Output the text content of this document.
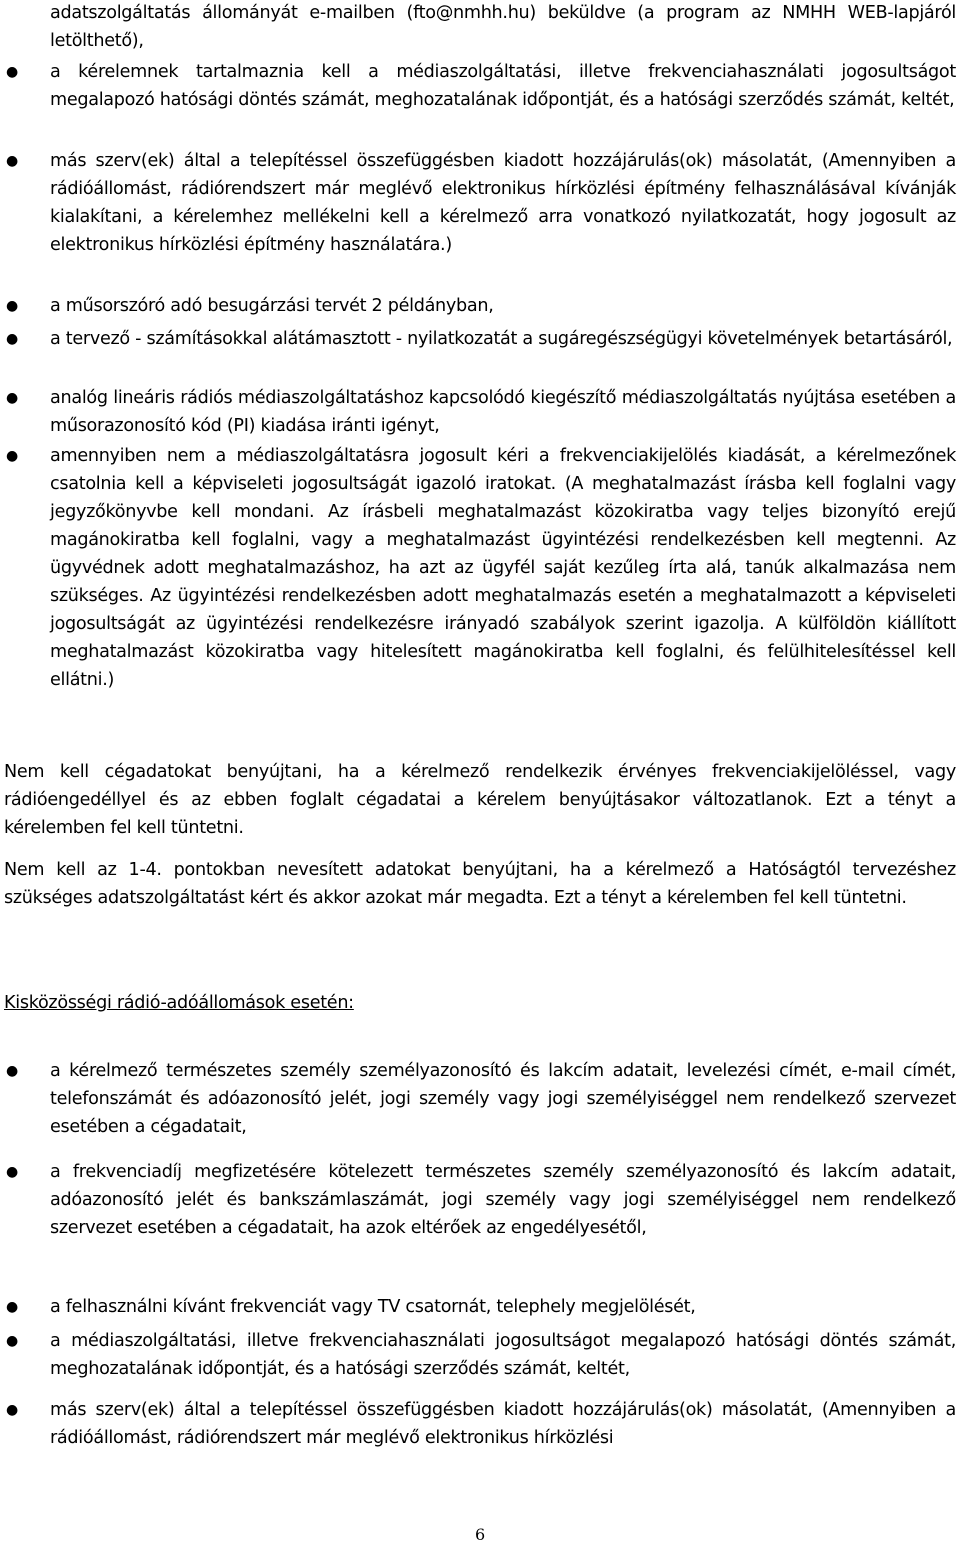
adatszolgáltatás állományát e-mailben (fto@nmhh.hu) beküldve (a program az NMHH WEB-lapjáról letölthető),
●	a kérelemnek tartalmaznia kell a médiaszolgáltatási, illetve frekvenciahasználati jogosultságot megalapozó hatósági döntés számát, meghozatalának időpontját, és a hatósági szerződés számát, keltét,
●	más szerv(ek) által a telepítéssel összefüggésben kiadott hozzájárulás(ok) másolatát, (Amennyiben a rádióállomást, rádiórendszert már meglévő elektronikus hírközlési építmény felhasználásával kívánják kialakítani, a kérelemhez mellékelni kell a kérelmező arra vonatkozó nyilatkozatát, hogy jogosult az elektronikus hírközlési építmény használatára.)
●	a műsorszóró adó besugárzási tervét 2 példányban,
●	a tervező - számításokkal alátámasztott - nyilatkozatát a sugáregészségügyi követelmények betartásáról,
●	analóg lineáris rádiós médiaszolgáltatáshoz kapcsolódó kiegészítő médiaszolgáltatás nyújtása esetében a műsorazonosító kód (PI) kiadása iránti igényt,
●	amennyiben nem a médiaszolgáltatásra jogosult kéri a frekvenciakijelölés kiadását, a kérelmezőnek csatolnia kell a képviseleti jogosultságát igazoló iratokat. (A meghatalmazást írásba kell foglalni vagy jegyzőkönyvbe kell mondani. Az írásbeli meghatalmazást közokiratba vagy teljes bizonyító erejű magánokiratba kell foglalni, vagy a meghatalmazást ügyintézési rendelkezésben kell megtenni. Az ügyvédnek adott meghatalmazáshoz, ha azt az ügyfél saját kezűleg írta alá, tanúk alkalmazása nem szükséges. Az ügyintézési rendelkezésben adott meghatalmazás esetén a meghatalmazott a képviseleti jogosultságát az ügyintézési rendelkezésre irányadó szabályok szerint igazolja. A külföldön kiállított meghatalmazást közokiratba vagy hitelesített magánokiratba kell foglalni, és felülhitelesítéssel kell ellátni.)
Nem kell cégadatokat benyújtani, ha a kérelmező rendelkezik érvényes frekvenciakijelöléssel, vagy rádióengedéllyel és az ebben foglalt cégadatai a kérelem benyújtásakor változatlanok. Ezt a tényt a kérelemben fel kell tüntetni.
Nem kell az 1-4. pontokban nevesített adatokat benyújtani, ha a kérelmező a Hatóságtól tervezéshez szükséges adatszolgáltatást kért és akkor azokat már megadta. Ezt a tényt a kérelemben fel kell tüntetni.
Kisközösségi rádió-adóállomások esetén:
●	a kérelmező természetes személy személyazonosító és lakcím adatait, levelezési címét, e-mail címét, telefonszámát és adóazonosító jelét, jogi személy vagy jogi személyiséggel nem rendelkező szervezet esetében a cégadatait,
●	a frekvenciadíj megfizetésére kötelezett természetes személy személyazonosító és lakcím adatait, adóazonosító jelét és bankszámlaszámát, jogi személy vagy jogi személyiséggel nem rendelkező szervezet esetében a cégadatait, ha azok eltérőek az engedélyesétől,
●	a felhasználni kívánt frekvenciát vagy TV csatornát, telephely megjelölését,
●	a médiaszolgáltatási, illetve frekvenciahasználati jogosultságot megalapozó hatósági döntés számát, meghozatalának időpontját, és a hatósági szerződés számát, keltét,
●	más szerv(ek) által a telepítéssel összefüggésben kiadott hozzájárulás(ok) másolatát, (Amennyiben a rádióállomást, rádiórendszert már meglévő elektronikus hírközlési
6
